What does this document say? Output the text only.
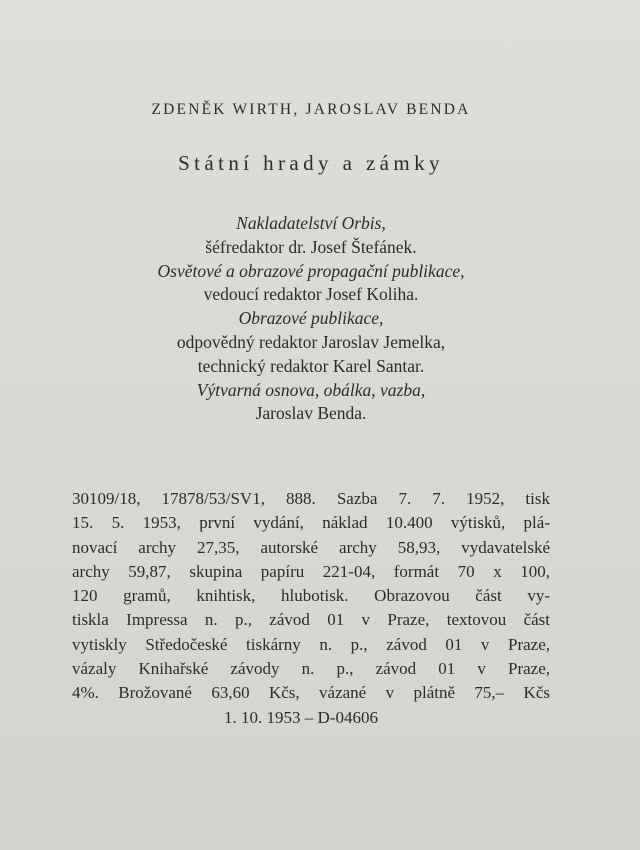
ZDENĚK WIRTH, JAROSLAV BENDA
Státní hrady a zámky
Nakladatelství Orbis,
šéfredaktor dr. Josef Štefánek.
Osvětové a obrazové propagační publikace,
vedoucí redaktor Josef Koliha.
Obrazové publikace,
odpovědný redaktor Jaroslav Jemelka,
technický redaktor Karel Santar.
Výtvarná osnova, obálka, vazba,
Jaroslav Benda.
30109/18, 17878/53/SV1, 888. Sazba 7. 7. 1952, tisk
15. 5. 1953, první vydání, náklad 10.400 výtisků, plá-
novací archy 27,35, autorské archy 58,93, vydavatelské
archy 59,87, skupina papíru 221-04, formát 70 x 100,
120 gramů, knihtisk, hlubotisk. Obrazovou část vy-
tiskla Impressa n. p., závod 01 v Praze, textovou část
vytiskly Středočeské tiskárny n. p., závod 01 v Praze,
vázaly Knihařské závody n. p., závod 01 v Praze,
4%. Brožované 63,60 Kčs, vázané v plátně 75,– Kčs
1. 10. 1953 – D-04606
